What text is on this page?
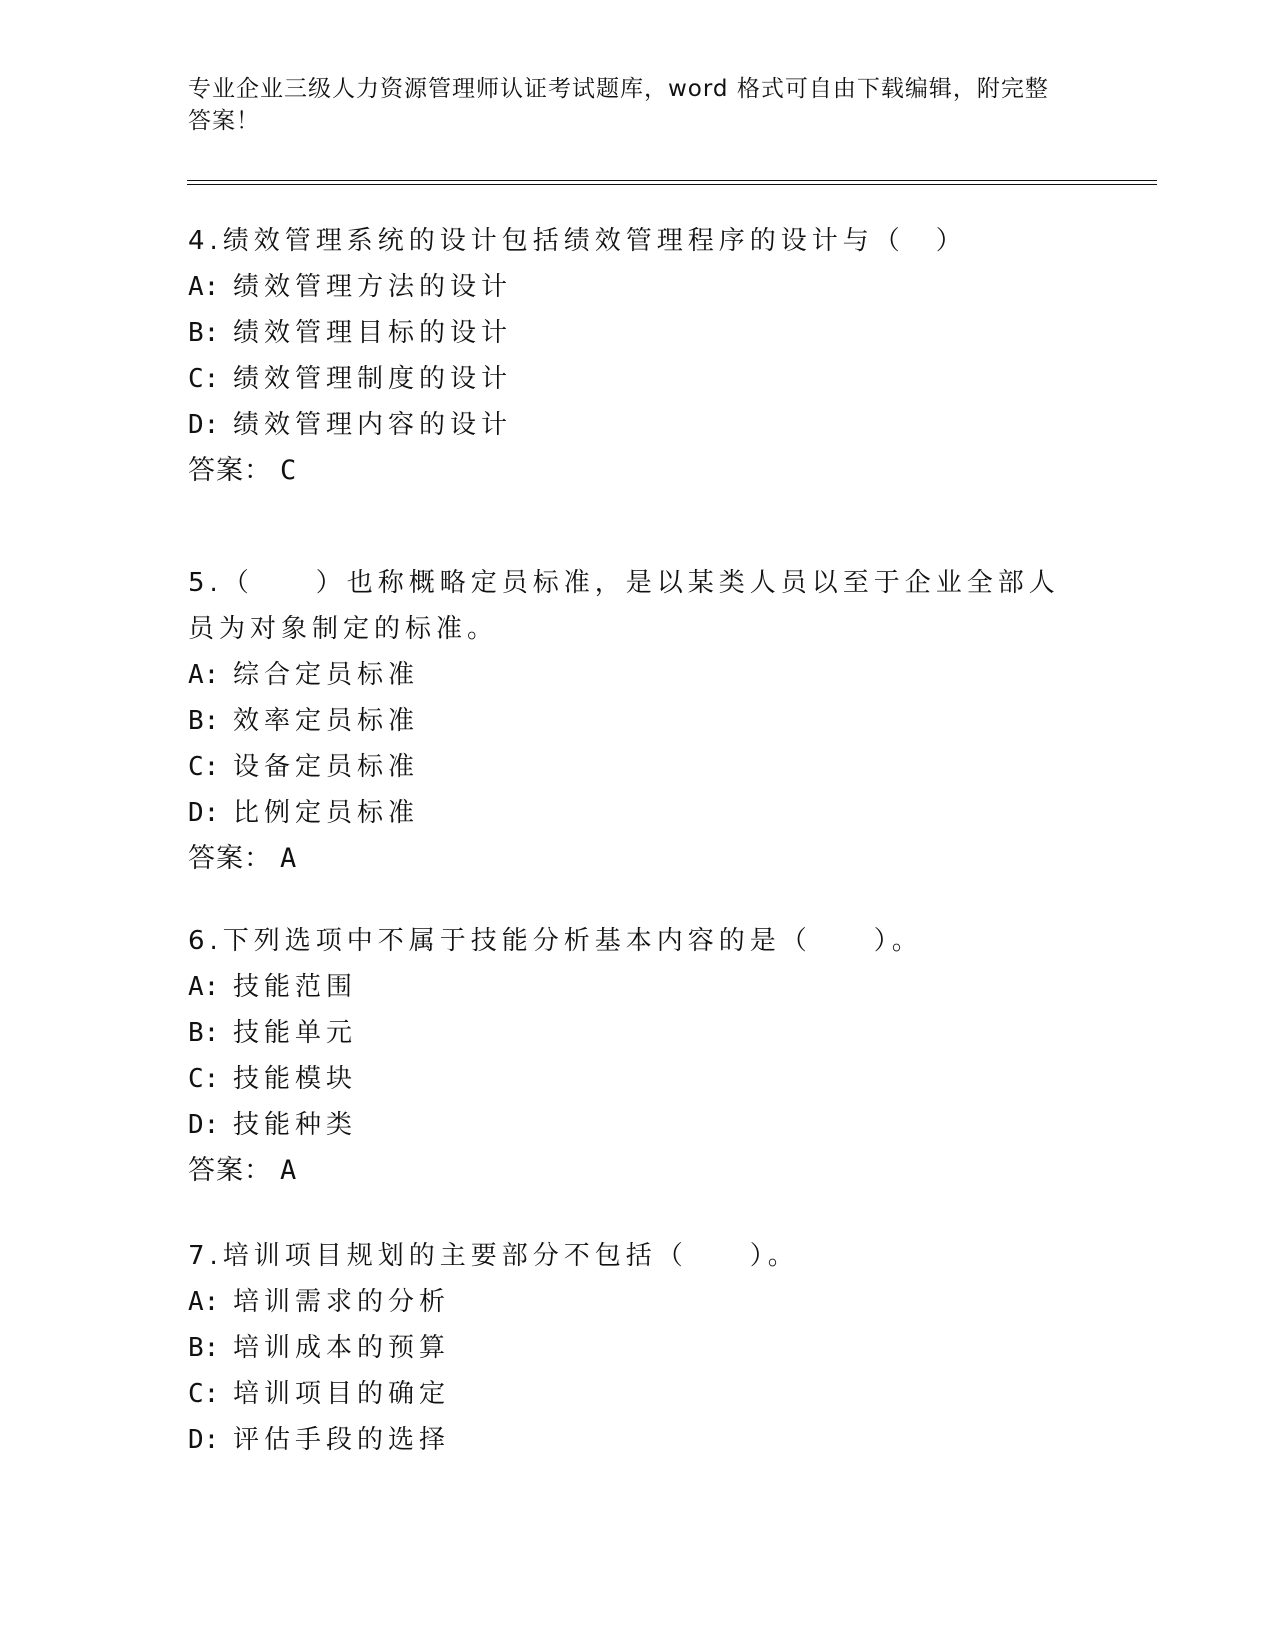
专业企业三级人力资源管理师认证考试题库，word 格式可自由下载编辑，附完整答案！

4.绩效管理系统的设计包括绩效管理程序的设计与（　）

A: 绩效管理方法的设计

B: 绩效管理目标的设计

C: 绩效管理制度的设计

D: 绩效管理内容的设计

答案： C

5.（　　）也称概略定员标准，是以某类人员以至于企业全部人员为对象制定的标准。

A: 综合定员标准

B: 效率定员标准

C: 设备定员标准

D: 比例定员标准

答案： A

6.下列选项中不属于技能分析基本内容的是（　　）。

A: 技能范围

B: 技能单元

C: 技能模块

D: 技能种类

答案： A

7.培训项目规划的主要部分不包括（　　）。

A: 培训需求的分析

B: 培训成本的预算

C: 培训项目的确定

D: 评估手段的选择
